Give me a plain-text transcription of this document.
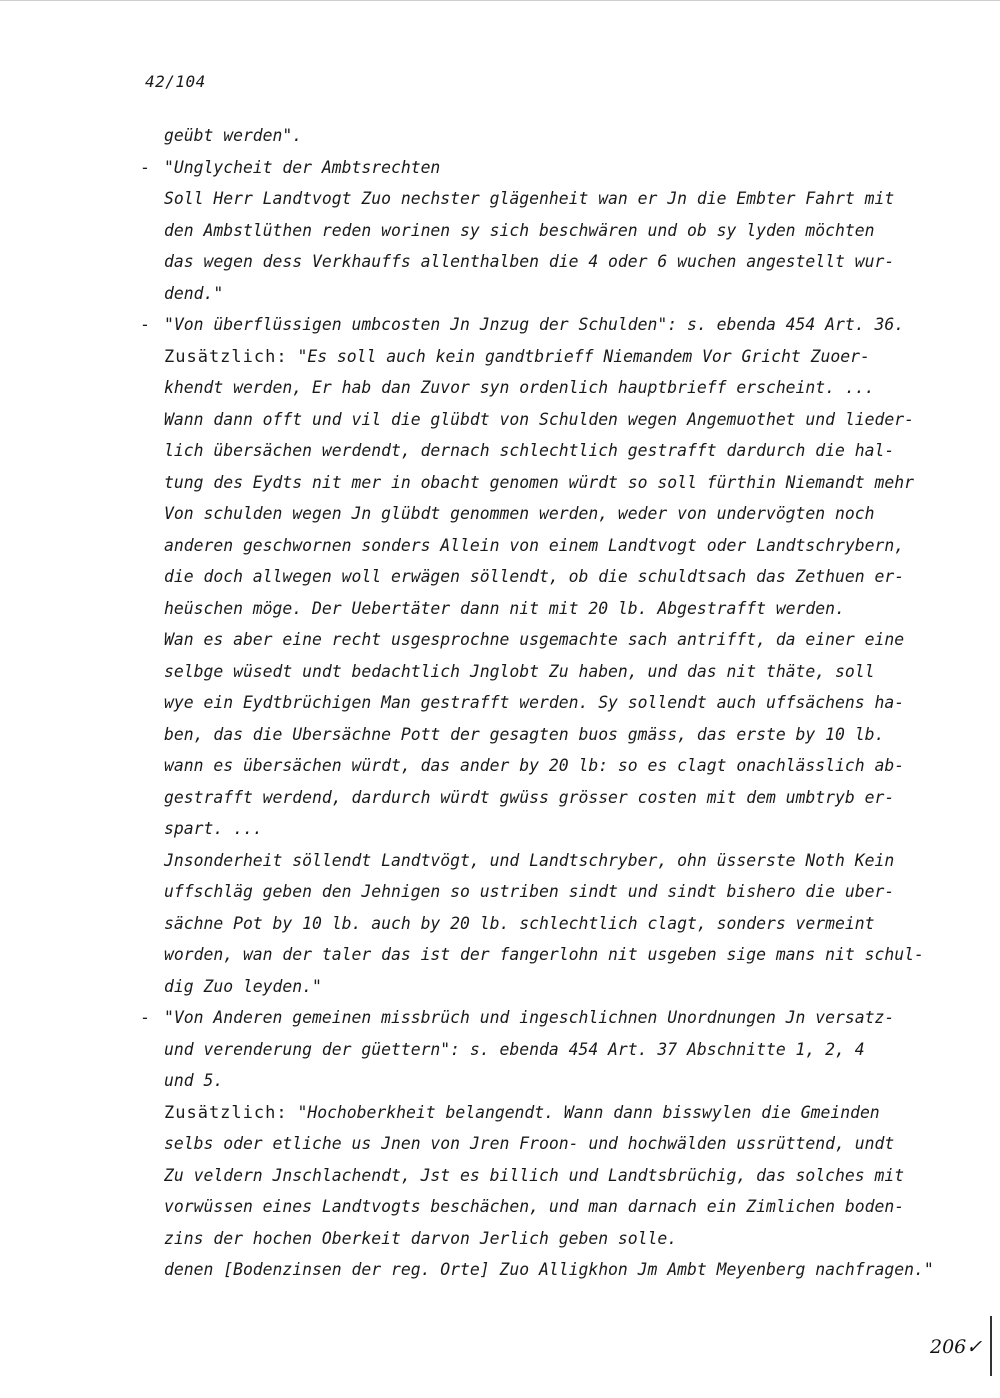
42/104
geübt werden".
- "Unglycheit der Ambtsrechten
Soll Herr Landtvogt Zuo nechster glägenheit wan er Jn die Embter Fahrt mit
den Ambstlüthen reden worinen sy sich beschwären und ob sy lyden möchten
das wegen dess Verkhauffs allenthalben die 4 oder 6 wuchen angestellt wur-
dend."
- "Von überflüssigen umbcosten Jn Jnzug der Schulden": s. ebenda 454 Art. 36.
Zusätzlich: "Es soll auch kein gandtbrieff Niemandem Vor Gricht Zuoer-
khendt werden, Er hab dan Zuvor syn ordenlich hauptbrieff erscheint. ...
Wann dann offt und vil die glübdt von Schulden wegen Angemuothet und lieder-
lich übersächen werdendt, dernach schlechtlich gestrafft dardurch die hal-
tung des Eydts nit mer in obacht genomen würdt so soll fürthin Niemandt mehr
Von schulden wegen Jn glübdt genommen werden, weder von undervögten noch
anderen geschwornen sonders Allein von einem Landtvogt oder Landtschrybern,
die doch allwegen woll erwägen söllendt, ob die schuldtsach das Zethuen er-
heüschen möge. Der Uebertäter dann nit mit 20 lb. Abgestrafft werden.
Wan es aber eine recht usgesprochne usgemachte sach antrifft, da einer eine
selbge wüsedt undt bedachtlich Jnglobt Zu haben, und das nit thäte, soll
wye ein Eydtbrüchigen Man gestrafft werden. Sy sollendt auch uffsächens ha-
ben, das die Ubersächne Pott der gesagten buos gmäss, das erste by 10 lb.
wann es übersächen würdt, das ander by 20 lb: so es clagt onachlässlich ab-
gestrafft werdend, dardurch würdt gwüss grösser costen mit dem umbtryb er-
spart. ...
Jnsonderheit söllendt Landtvögt, und Landtschryber, ohn üsserste Noth Kein
uffschläg geben den Jehnigen so ustriben sindt und sindt bishero die uber-
sächne Pot by 10 lb. auch by 20 lb. schlechtlich clagt, sonders vermeint
worden, wan der taler das ist der fangerlohn nit usgeben sige mans nit schul-
dig Zuo leyden."
- "Von Anderen gemeinen missbrüch und ingeschlichnen Unordnungen Jn versatz-
und verenderung der güettern": s. ebenda 454 Art. 37 Abschnitte 1, 2, 4
und 5.
Zusätzlich: "Hochoberkheit belangendt. Wann dann bisswylen die Gmeinden
selbs oder etliche us Jnen von Jren Froon- und hochwälden ussrüttend, undt
Zu veldern Jnschlachendt, Jst es billich und Landtsbrüchig, das solches mit
vorwüssen eines Landtvogts beschächen, und man darnach ein Zimlichen boden-
zins der hochen Oberkeit darvon Jerlich geben solle.
denen [Bodenzinsen der reg. Orte] Zuo Alligkhon Jm Ambt Meyenberg nachfragen."
206✓
